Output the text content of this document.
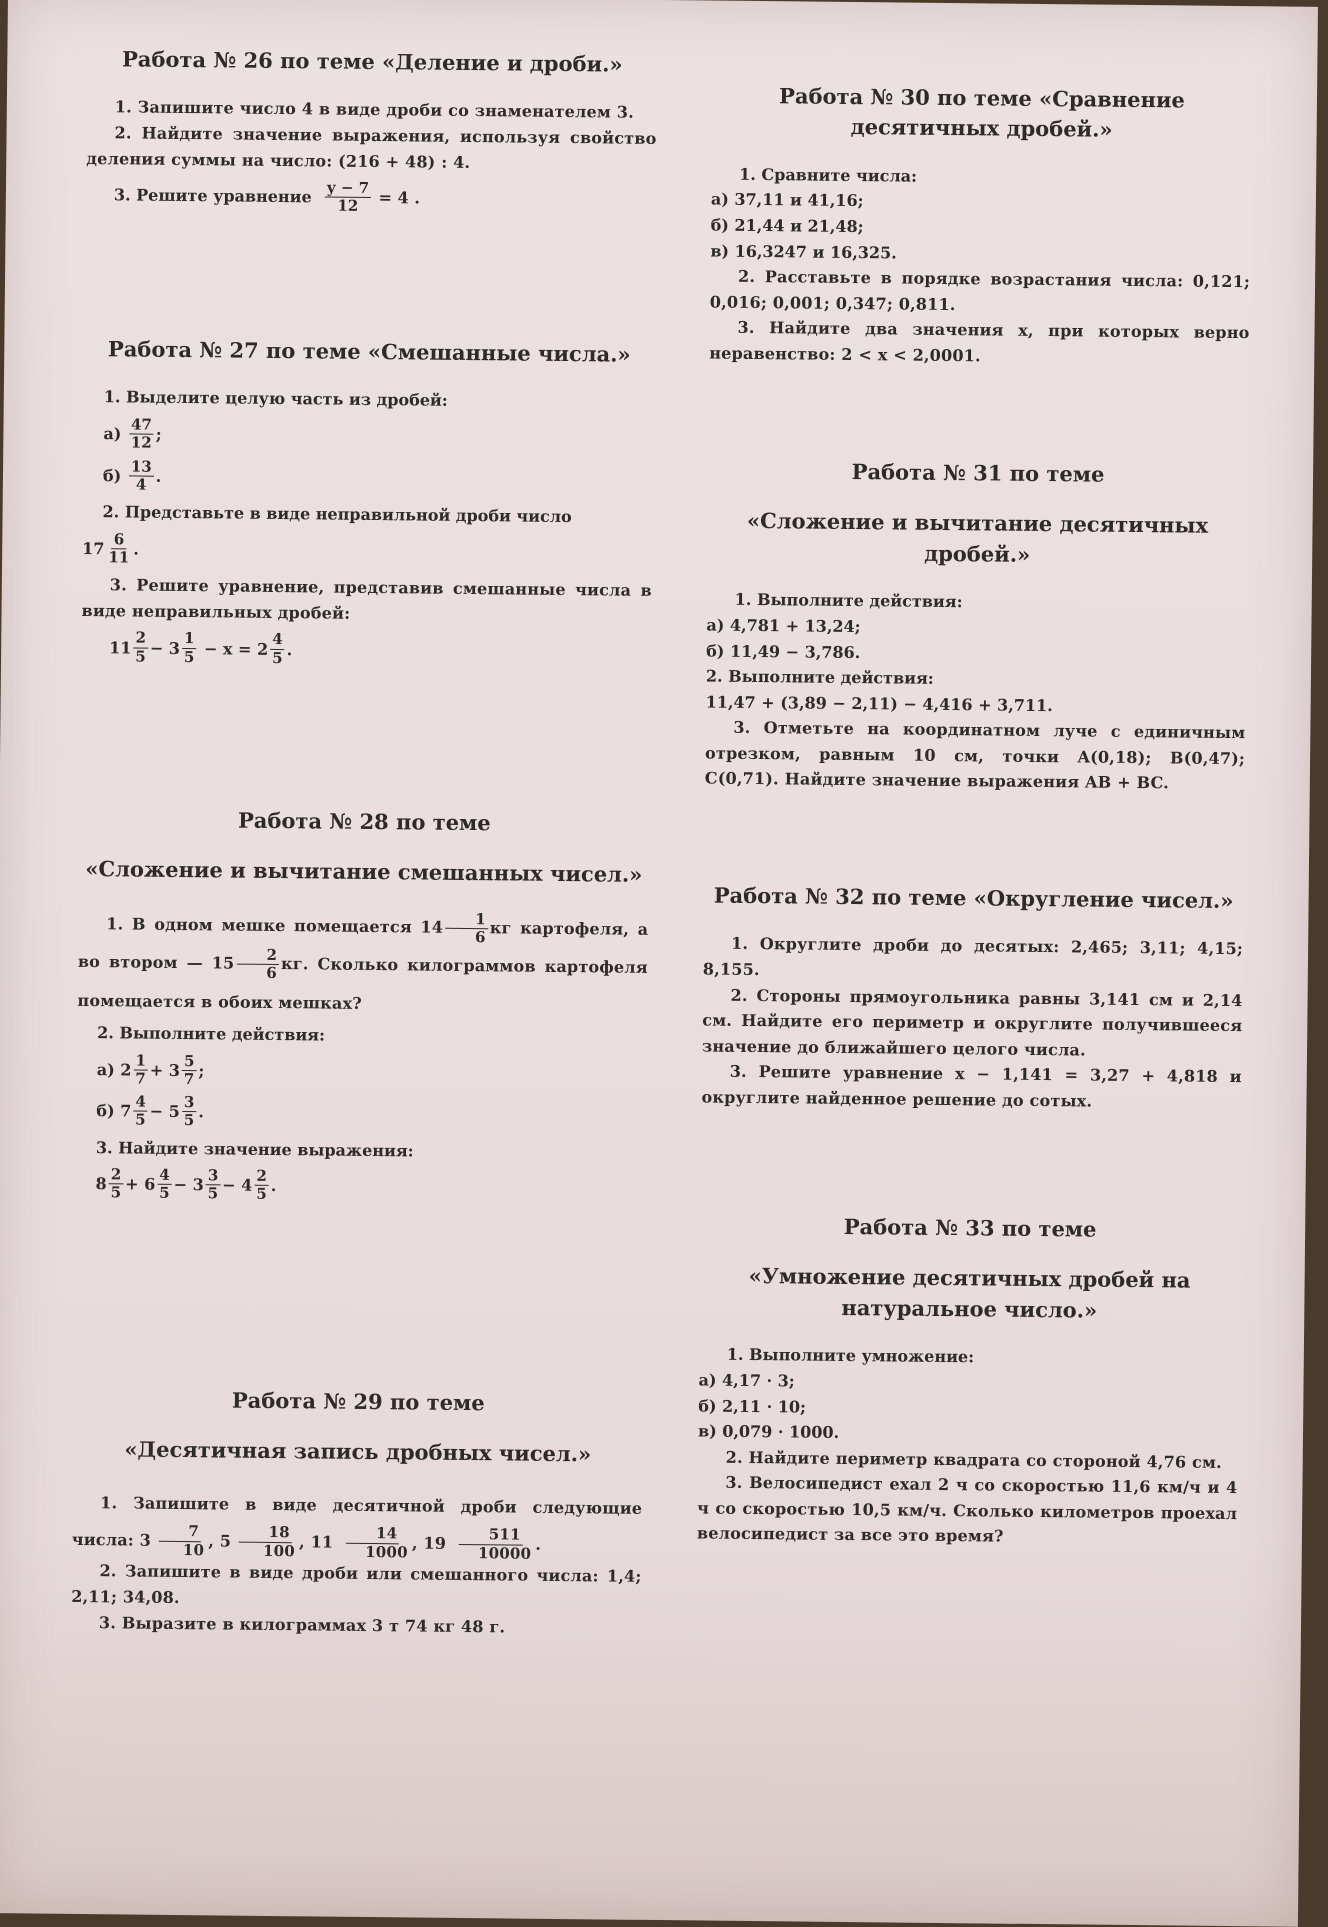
Работа № 26 по теме «Деление и дроби.»

1. Запишите число 4 в виде дроби со знаменателем 3.

2. Найдите значение выражения, используя свойство деления суммы на число: (216 + 48) : 4.

3. Решите уравнение
$\frac{y - 7}{12}$
= 4 .

Работа № 27 по теме «Смешанные числа.»

1. Выделите целую часть из дробей:

а)
$\frac{47}{12}$ ;
б)
$\frac{13}{4}$ .

2. Представьте в виде неправильной дроби число

$17 \frac{6}{11}$ .

3. Решите уравнение, представив смешанные числа в виде неправильных дробей:

$11 \frac{2}{5} - 3 \frac{1}{5}$
− $x = 2 \frac{4}{5}$ .

Работа № 28 по теме
«Сложение и вычитание смешанных чисел.»

1. В одном мешке помещается $14 \frac{1}{6}$ кг картофеля, а во втором — $15 \frac{2}{6}$ кг. Сколько килограммов картофеля помещается в обоих мешках?

2. Выполните действия:

а) $2 \frac{1}{7} + 3 \frac{5}{7}$ ;
б) $7 \frac{4}{5} - 5 \frac{3}{5}$ .

3. Найдите значение выражения:

$8 \frac{2}{5} + 6 \frac{4}{5} - 3 \frac{3}{5} - 4 \frac{2}{5}$ .

Работа № 29 по теме
«Десятичная запись дробных чисел.»

1. Запишите в виде десятичной дроби следующие числа: $3 \frac{7}{10}$ , $5 \frac{18}{100}$ , $11 \frac{14}{1000}$ , $19 \frac{511}{10000}$ .

2. Запишите в виде дроби или смешанного числа: 1,4; 2,11; 34,08.

3. Выразите в килограммах 3 т 74 кг 48 г.

Работа № 30 по теме «Сравнение десятичных дробей.»

1. Сравните числа:

а) 37,11 и 41,16;

б) 21,44 и 21,48;

в) 16,3247 и 16,325.

2. Расставьте в порядке возрастания числа: 0,121; 0,016; 0,001; 0,347; 0,811.

3. Найдите два значения x, при которых верно неравенство: 2 < x < 2,0001.

Работа № 31 по теме
«Сложение и вычитание десятичных дробей.»

1. Выполните действия:

а) 4,781 + 13,24;

б) 11,49 − 3,786.

2. Выполните действия:

11,47 + (3,89 − 2,11) − 4,416 + 3,711.

3. Отметьте на координатном луче с единичным отрезком, равным 10 см, точки A(0,18); B(0,47); C(0,71). Найдите значение выражения AB + BC.

Работа № 32 по теме «Округление чисел.»

1. Округлите дроби до десятых: 2,465; 3,11; 4,15; 8,155.

2. Стороны прямоугольника равны 3,141 см и 2,14 см. Найдите его периметр и округлите получившееся значение до ближайшего целого числа.

3. Решите уравнение x − 1,141 = 3,27 + 4,818 и округлите найденное решение до сотых.

Работа № 33 по теме
«Умножение десятичных дробей на натуральное число.»

1. Выполните умножение:

а) 4,17 · 3;

б) 2,11 · 10;

в) 0,079 · 1000.

2. Найдите периметр квадрата со стороной 4,76 см.

3. Велосипедист ехал 2 ч со скоростью 11,6 км/ч и 4 ч со скоростью 10,5 км/ч. Сколько километров проехал велосипедист за все это время?
